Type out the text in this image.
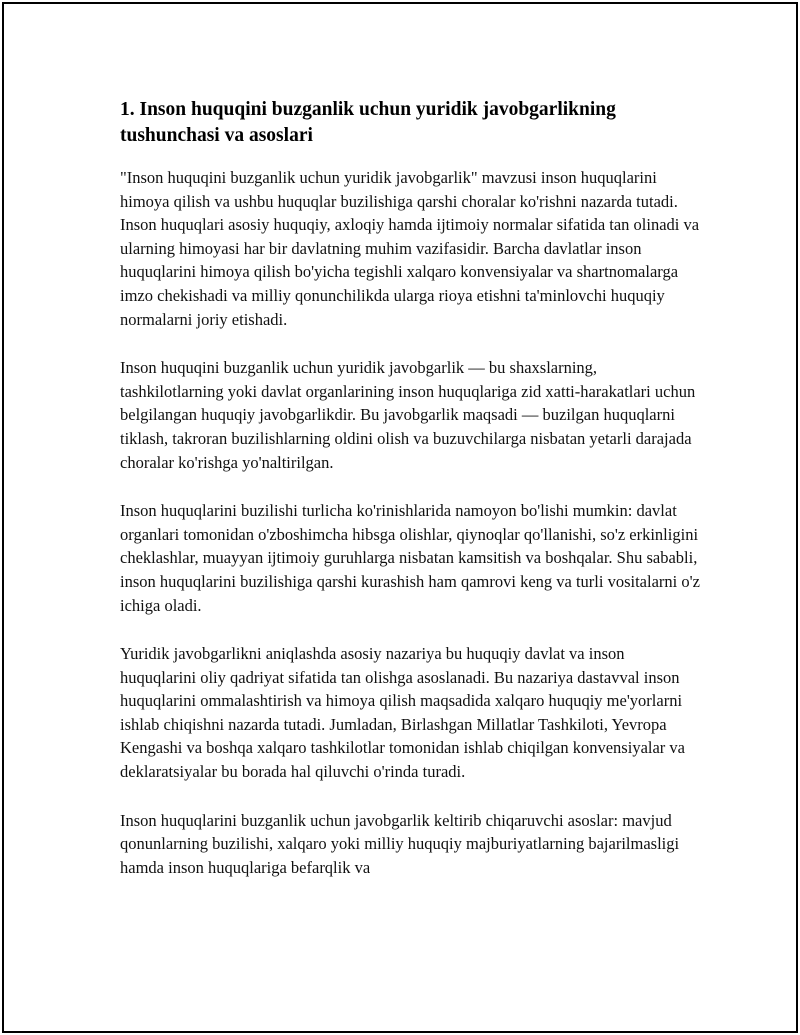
1. Inson huquqini buzganlik uchun yuridik javobgarlikning tushunchasi va asoslari

"Inson huquqini buzganlik uchun yuridik javobgarlik" mavzusi inson huquqlarini himoya qilish va ushbu huquqlar buzilishiga qarshi choralar ko'rishni nazarda tutadi. Inson huquqlari asosiy huquqiy, axloqiy hamda ijtimoiy normalar sifatida tan olinadi va ularning himoyasi har bir davlatning muhim vazifasidir. Barcha davlatlar inson huquqlarini himoya qilish bo'yicha tegishli xalqaro konvensiyalar va shartnomalarga imzo chekishadi va milliy qonunchilikda ularga rioya etishni ta'minlovchi huquqiy normalarni joriy etishadi.

Inson huquqini buzganlik uchun yuridik javobgarlik — bu shaxslarning, tashkilotlarning yoki davlat organlarining inson huquqlariga zid xatti-harakatlari uchun belgilangan huquqiy javobgarlikdir. Bu javobgarlik maqsadi — buzilgan huquqlarni tiklash, takroran buzilishlarning oldini olish va buzuvchilarga nisbatan yetarli darajada choralar ko'rishga yo'naltirilgan.

Inson huquqlarini buzilishi turlicha ko'rinishlarida namoyon bo'lishi mumkin: davlat organlari tomonidan o'zboshimcha hibsga olishlar, qiynoqlar qo'llanishi, so'z erkinligini cheklashlar, muayyan ijtimoiy guruhlarga nisbatan kamsitish va boshqalar. Shu sababli, inson huquqlarini buzilishiga qarshi kurashish ham qamrovi keng va turli vositalarni o'z ichiga oladi.

Yuridik javobgarlikni aniqlashda asosiy nazariya bu huquqiy davlat va inson huquqlarini oliy qadriyat sifatida tan olishga asoslanadi. Bu nazariya dastavval inson huquqlarini ommalashtirish va himoya qilish maqsadida xalqaro huquqiy me'yorlarni ishlab chiqishni nazarda tutadi. Jumladan, Birlashgan Millatlar Tashkiloti, Yevropa Kengashi va boshqa xalqaro tashkilotlar tomonidan ishlab chiqilgan konvensiyalar va deklaratsiyalar bu borada hal qiluvchi o'rinda turadi.

Inson huquqlarini buzganlik uchun javobgarlik keltirib chiqaruvchi asoslar: mavjud qonunlarning buzilishi, xalqaro yoki milliy huquqiy majburiyatlarning bajarilmasligi hamda inson huquqlariga befarqlik va
